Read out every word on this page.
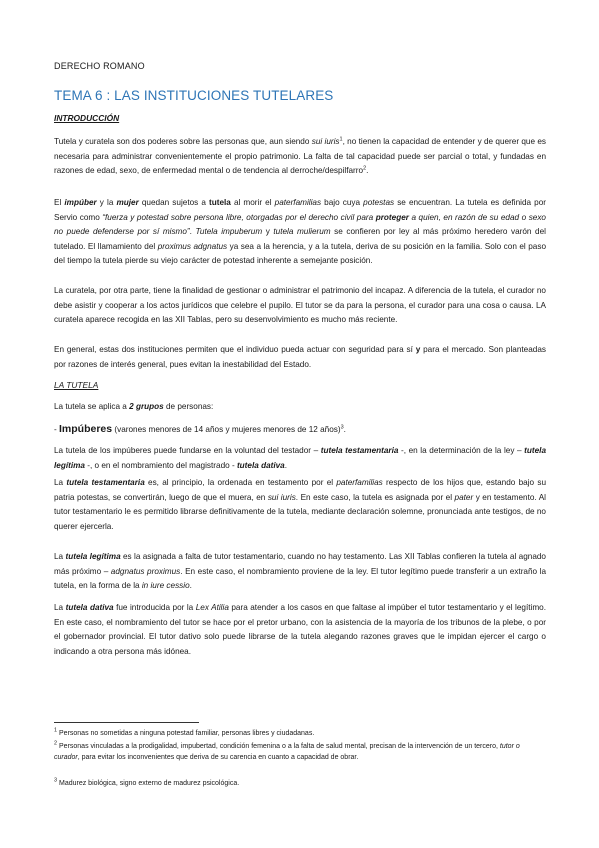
DERECHO ROMANO
TEMA 6 : LAS INSTITUCIONES TUTELARES
INTRODUCCIÓN

Tutela y curatela son dos poderes sobre las personas que, aun siendo sui iuris$^1$, no tienen la capacidad de entender y de querer que es necesaria para administrar convenientemente el propio patrimonio. La falta de tal capacidad puede ser parcial o total, y fundadas en razones de edad, sexo, de enfermedad mental o de tendencia al derroche/despilfarro$^2$.

El impúber y la mujer quedan sujetos a tutela al morir el paterfamilias bajo cuya potestas se encuentran. La tutela es definida por Servio como “fuerza y potestad sobre persona libre, otorgadas por el derecho civil para proteger a quien, en razón de su edad o sexo no puede defenderse por sí mismo”. Tutela impuberum y tutela mulierum se confieren por ley al más próximo heredero varón del tutelado. El llamamiento del proximus adgnatus ya sea a la herencia, y a la tutela, deriva de su posición en la familia. Solo con el paso del tiempo la tutela pierde su viejo carácter de potestad inherente a semejante posición.

La curatela, por otra parte, tiene la finalidad de gestionar o administrar el patrimonio del incapaz. A diferencia de la tutela, el curador no debe asistir y cooperar a los actos jurídicos que celebre el pupilo. El tutor se da para la persona, el curador para una cosa o causa. LA curatela aparece recogida en las XII Tablas, pero su desenvolvimiento es mucho más reciente.

En general, estas dos instituciones permiten que el individuo pueda actuar con seguridad para sí y para el mercado. Son planteadas por razones de interés general, pues evitan la inestabilidad del Estado.

LA TUTELA

La tutela se aplica a 2 grupos de personas:

- Impúberes (varones menores de 14 años y mujeres menores de 12 años)$^3$.

La tutela de los impúberes puede fundarse en la voluntad del testador – tutela testamentaria -, en la determinación de la ley – tutela legítima -, o en el nombramiento del magistrado - tutela dativa.

La tutela testamentaria es, al principio, la ordenada en testamento por el paterfamilias respecto de los hijos que, estando bajo su patria potestas, se convertirán, luego de que el muera, en sui iuris. En este caso, la tutela es asignada por el pater y en testamento. Al tutor testamentario le es permitido librarse definitivamente de la tutela, mediante declaración solemne, pronunciada ante testigos, de no querer ejercerla.

La tutela legítima es la asignada a falta de tutor testamentario, cuando no hay testamento. Las XII Tablas confieren la tutela al agnado más próximo – adgnatus proximus. En este caso, el nombramiento proviene de la ley. El tutor legítimo puede transferir a un extraño la tutela, en la forma de la in iure cessio.

La tutela dativa fue introducida por la Lex Atilia para atender a los casos en que faltase al impúber el tutor testamentario y el legítimo. En este caso, el nombramiento del tutor se hace por el pretor urbano, con la asistencia de la mayoría de los tribunos de la plebe, o por el gobernador provincial. El tutor dativo solo puede librarse de la tutela alegando razones graves que le impidan ejercer el cargo o indicando a otra persona más idónea.

$^1$ Personas no sometidas a ninguna potestad familiar, personas libres y ciudadanas.
$^2$ Personas vinculadas a la prodigalidad, impubertad, condición femenina o a la falta de salud mental, precisan de la intervención de un tercero, tutor o curador, para evitar los inconvenientes que deriva de su carencia en cuanto a capacidad de obrar.
$^3$ Madurez biológica, signo externo de madurez psicológica.
